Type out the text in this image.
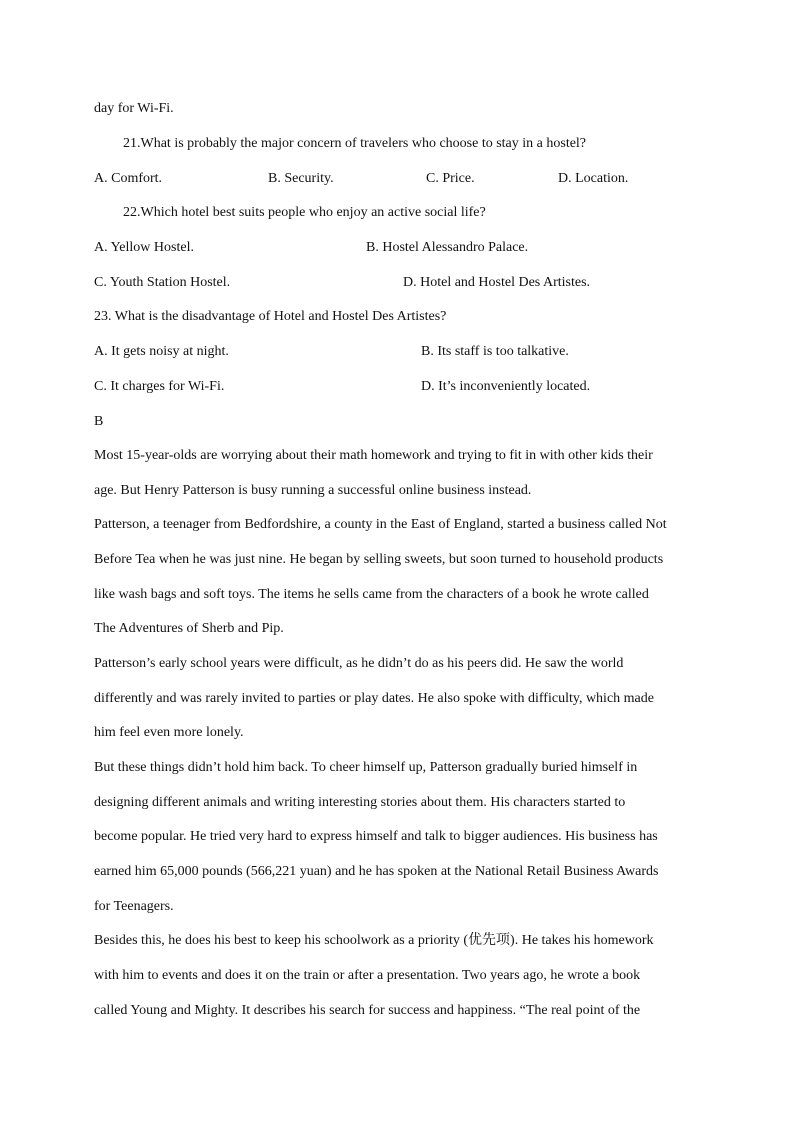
day for Wi-Fi.
21.What is probably the major concern of travelers who choose to stay in a hostel?
A. Comfort.	B. Security.	C. Price.	D. Location.
22.Which hotel best suits people who enjoy an active social life?
A. Yellow Hostel.	B. Hostel Alessandro Palace.
C. Youth Station Hostel.	D. Hotel and Hostel Des Artistes.
23. What is the disadvantage of Hotel and Hostel Des Artistes?
A. It gets noisy at night.	B. Its staff is too talkative.
C. It charges for Wi-Fi.	D. It’s inconveniently located.
B
Most 15-year-olds are worrying about their math homework and trying to fit in with other kids their
age. But Henry Patterson is busy running a successful online business instead.
Patterson, a teenager from Bedfordshire, a county in the East of England, started a business called Not
Before Tea when he was just nine. He began by selling sweets, but soon turned to household products
like wash bags and soft toys. The items he sells came from the characters of a book he wrote called
The Adventures of Sherb and Pip.
Patterson’s early school years were difficult, as he didn’t do as his peers did. He saw the world
differently and was rarely invited to parties or play dates. He also spoke with difficulty, which made
him feel even more lonely.
But these things didn’t hold him back. To cheer himself up, Patterson gradually buried himself in
designing different animals and writing interesting stories about them. His characters started to
become popular. He tried very hard to express himself and talk to bigger audiences. His business has
earned him 65,000 pounds (566,221 yuan) and he has spoken at the National Retail Business Awards
for Teenagers.
Besides this, he does his best to keep his schoolwork as a priority (优先项). He takes his homework
with him to events and does it on the train or after a presentation. Two years ago, he wrote a book
called Young and Mighty. It describes his search for success and happiness. “The real point of the
